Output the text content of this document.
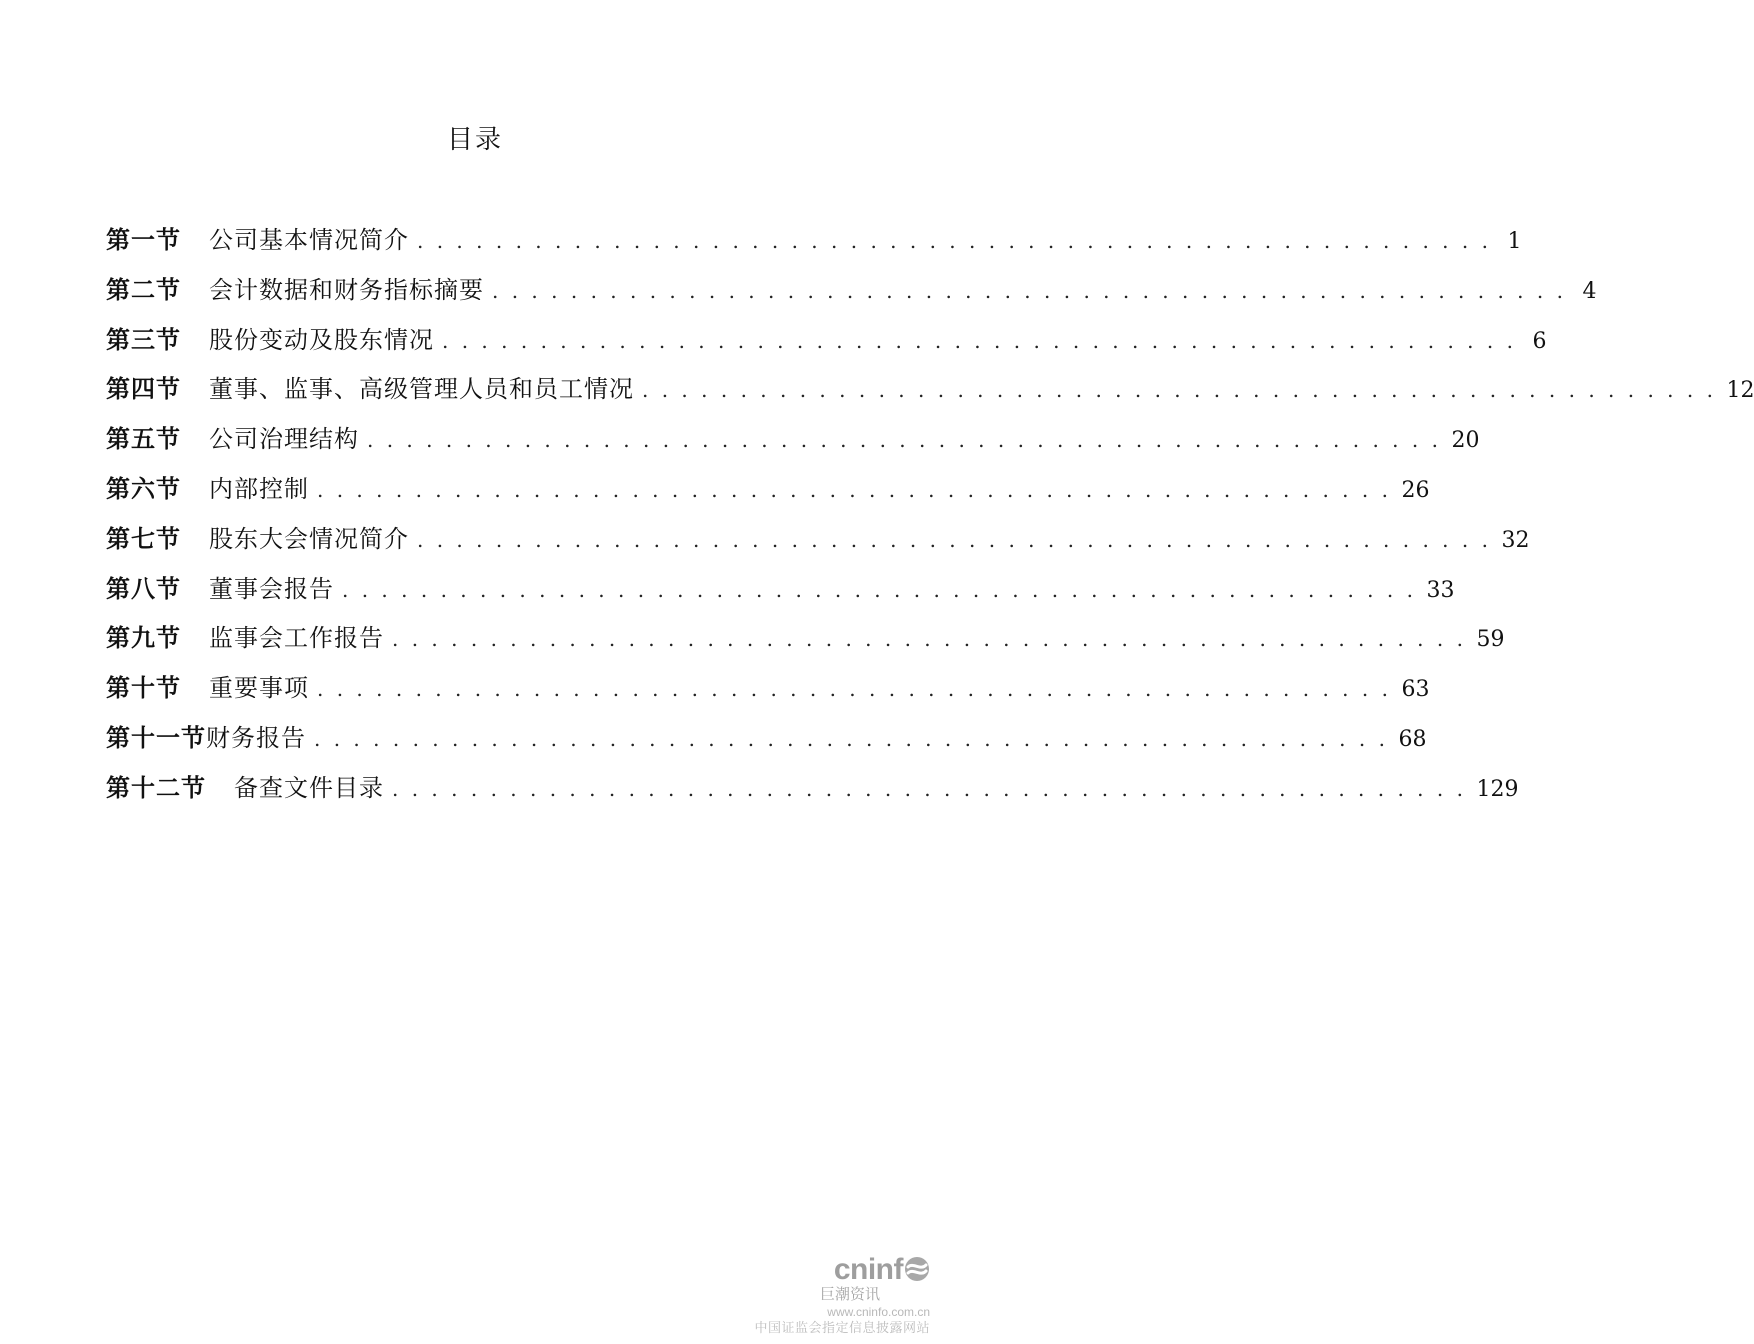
目录
第一节	公司基本情况简介 . . . . . . . . . . . . . . . . . . . . . . . . . . . . . . . . . . . . . . . . . . . . . . . . . . . . . . . 1
第二节	会计数据和财务指标摘要 . . . . . . . . . . . . . . . . . . . . . . . . . . . . . . . . . . . . . . . . . . . . . . . . . . . . . . . 4
第三节	股份变动及股东情况 . . . . . . . . . . . . . . . . . . . . . . . . . . . . . . . . . . . . . . . . . . . . . . . . . . . . . . . 6
第四节	董事、监事、高级管理人员和员工情况 . . . . . . . . . . . . . . . . . . . . . . . . . . . . . . . . . . . . . . . . . . . . . . . . . . . . . . . 12
第五节	公司治理结构 . . . . . . . . . . . . . . . . . . . . . . . . . . . . . . . . . . . . . . . . . . . . . . . . . . . . . . . 20
第六节	内部控制 . . . . . . . . . . . . . . . . . . . . . . . . . . . . . . . . . . . . . . . . . . . . . . . . . . . . . . . 26
第七节	股东大会情况简介 . . . . . . . . . . . . . . . . . . . . . . . . . . . . . . . . . . . . . . . . . . . . . . . . . . . . . . . 32
第八节	董事会报告 . . . . . . . . . . . . . . . . . . . . . . . . . . . . . . . . . . . . . . . . . . . . . . . . . . . . . . . 33
第九节	监事会工作报告 . . . . . . . . . . . . . . . . . . . . . . . . . . . . . . . . . . . . . . . . . . . . . . . . . . . . . . . 59
第十节	重要事项 . . . . . . . . . . . . . . . . . . . . . . . . . . . . . . . . . . . . . . . . . . . . . . . . . . . . . . . 63
第十一节 财务报告 . . . . . . . . . . . . . . . . . . . . . . . . . . . . . . . . . . . . . . . . . . . . . . . . . . . . . . . 68
第十二节	备查文件目录 . . . . . . . . . . . . . . . . . . . . . . . . . . . . . . . . . . . . . . . . . . . . . . . . . . . . . . . 129
cninf
巨潮资讯
www.cninfo.com.cn
中国证监会指定信息披露网站
